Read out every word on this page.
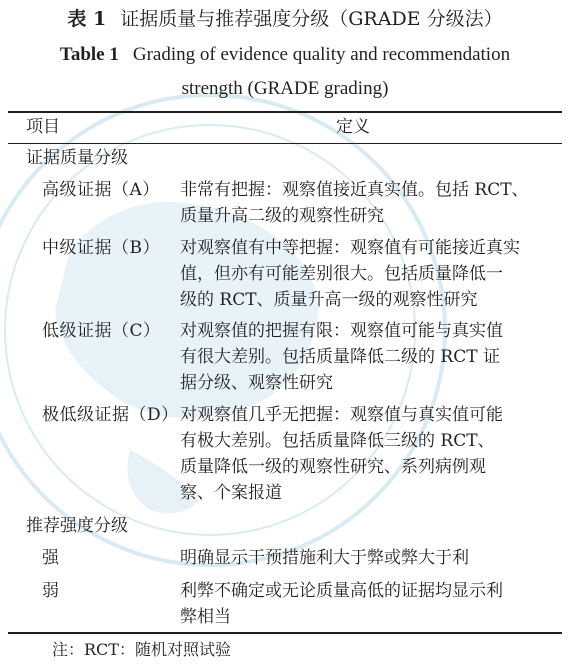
表 1 证据质量与推荐强度分级（GRADE 分级法）
Table 1 Grading of evidence quality and recommendation
strength (GRADE grading)
项目	定义
证据质量分级
高级证据（A） 非常有把握：观察值接近真实值。包括 RCT、
质量升高二级的观察性研究
中级证据（B） 对观察值有中等把握：观察值有可能接近真实
值，但亦有可能差别很大。包括质量降低一
级的 RCT、质量升高一级的观察性研究
低级证据（C） 对观察值的把握有限：观察值可能与真实值
有很大差别。包括质量降低二级的 RCT 证
据分级、观察性研究
极低级证据（D） 对观察值几乎无把握：观察值与真实值可能
有极大差别。包括质量降低三级的 RCT、
质量降低一级的观察性研究、系列病例观
察、个案报道
推荐强度分级
强	明确显示干预措施利大于弊或弊大于利
弱	利弊不确定或无论质量高低的证据均显示利
弊相当
注：RCT：随机对照试验
